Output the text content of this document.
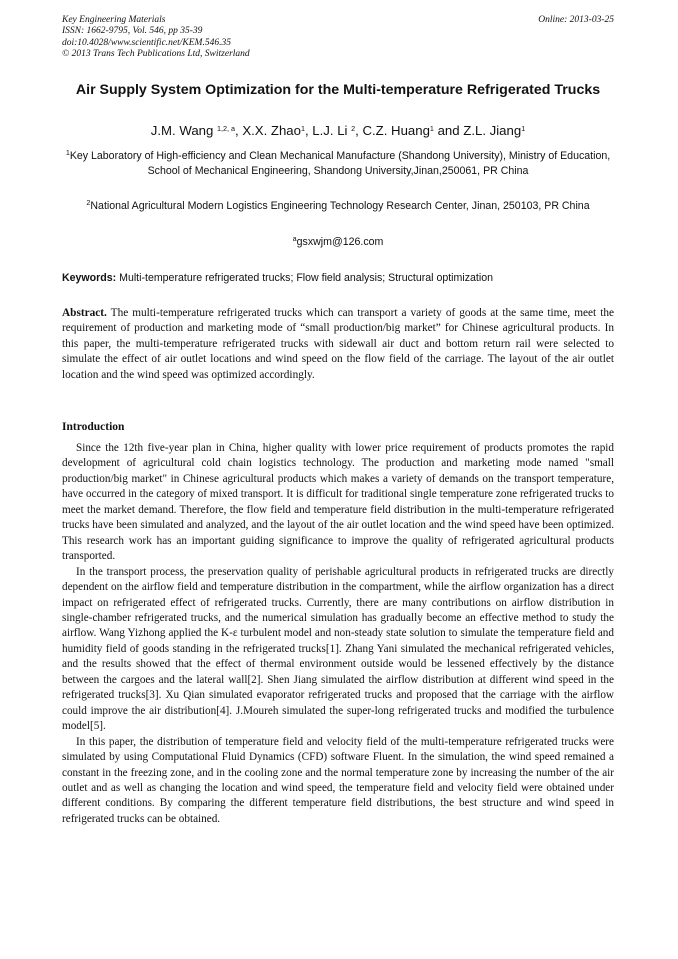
Key Engineering Materials
ISSN: 1662-9795, Vol. 546, pp 35-39
doi:10.4028/www.scientific.net/KEM.546.35
© 2013 Trans Tech Publications Ltd, Switzerland
Online: 2013-03-25
Air Supply System Optimization for the Multi-temperature Refrigerated Trucks
J.M. Wang $^{1,2, a}$, X.X. Zhao$^1$, L.J. Li $^2$, C.Z. Huang$^1$ and Z.L. Jiang$^1$
$^1$Key Laboratory of High-efficiency and Clean Mechanical Manufacture (Shandong University), Ministry of Education, School of Mechanical Engineering, Shandong University,Jinan,250061, PR China
$^2$National Agricultural Modern Logistics Engineering Technology Research Center, Jinan, 250103, PR China
$^a$gsxwjm@126.com
Keywords: Multi-temperature refrigerated trucks; Flow field analysis; Structural optimization
Abstract. The multi-temperature refrigerated trucks which can transport a variety of goods at the same time, meet the requirement of production and marketing mode of “small production/big market” for Chinese agricultural products. In this paper, the multi-temperature refrigerated trucks with sidewall air duct and bottom return rail were selected to simulate the effect of air outlet locations and wind speed on the flow field of the carriage. The layout of the air outlet location and the wind speed was optimized accordingly.
Introduction

Since the 12th five-year plan in China, higher quality with lower price requirement of products promotes the rapid development of agricultural cold chain logistics technology. The production and marketing mode named "small production/big market" in Chinese agricultural products which makes a variety of demands on the transport temperature, have occurred in the category of mixed transport. It is difficult for traditional single temperature zone refrigerated trucks to meet the market demand. Therefore, the flow field and temperature field distribution in the multi-temperature refrigerated trucks have been simulated and analyzed, and the layout of the air outlet location and the wind speed have been optimized. This research work has an important guiding significance to improve the quality of refrigerated agricultural products transported.

In the transport process, the preservation quality of perishable agricultural products in refrigerated trucks are directly dependent on the airflow field and temperature distribution in the compartment, while the airflow organization has a direct impact on refrigerated effect of refrigerated trucks. Currently, there are many contributions on airflow distribution in single-chamber refrigerated trucks, and the numerical simulation has gradually become an effective method to study the airflow. Wang Yizhong applied the K-ε turbulent model and non-steady state solution to simulate the temperature field and humidity field of goods standing in the refrigerated trucks[1]. Zhang Yani simulated the mechanical refrigerated vehicles, and the results showed that the effect of thermal environment outside would be lessened effectively by the distance between the cargoes and the lateral wall[2]. Shen Jiang simulated the airflow distribution at different wind speed in the refrigerated trucks[3]. Xu Qian simulated evaporator refrigerated trucks and proposed that the carriage with the airflow could improve the air distribution[4]. J.Moureh simulated the super-long refrigerated trucks and modified the turbulence model[5].

In this paper, the distribution of temperature field and velocity field of the multi-temperature refrigerated trucks were simulated by using Computational Fluid Dynamics (CFD) software Fluent. In the simulation, the wind speed remained a constant in the freezing zone, and in the cooling zone and the normal temperature zone by increasing the number of the air outlet and as well as changing the location and wind speed, the temperature field and velocity field were obtained under different conditions. By comparing the different temperature field distributions, the best structure and wind speed in refrigerated trucks can be obtained.
